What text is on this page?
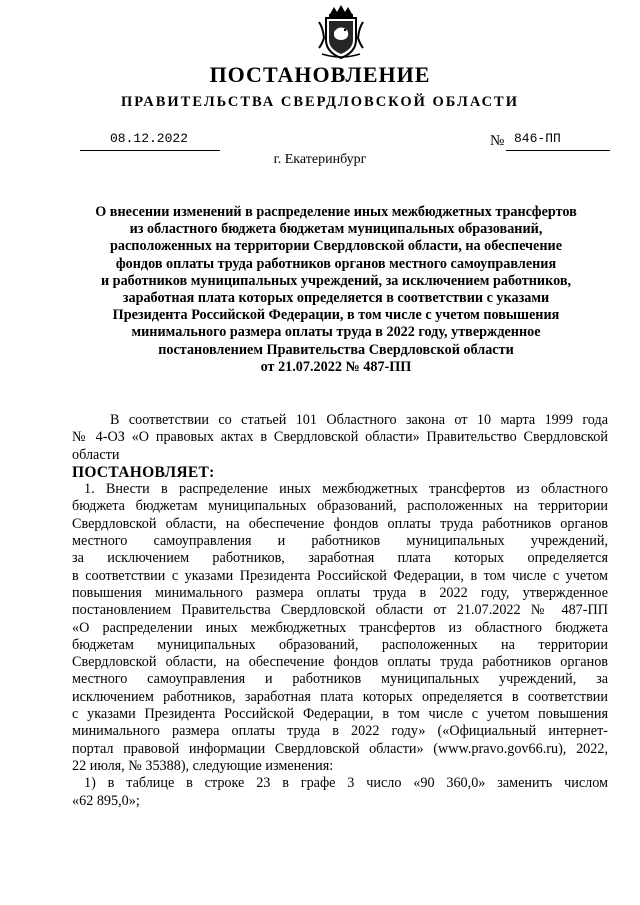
ПОСТАНОВЛЕНИЕ
ПРАВИТЕЛЬСТВА СВЕРДЛОВСКОЙ ОБЛАСТИ
08.12.2022	№ 846-ПП
г. Екатеринбург
О внесении изменений в распределение иных межбюджетных трансфертов
из областного бюджета бюджетам муниципальных образований,
расположенных на территории Свердловской области, на обеспечение
фондов оплаты труда работников органов местного самоуправления
и работников муниципальных учреждений, за исключением работников,
заработная плата которых определяется в соответствии с указами
Президента Российской Федерации, в том числе с учетом повышения
минимального размера оплаты труда в 2022 году, утвержденное
постановлением Правительства Свердловской области
от 21.07.2022 № 487-ПП
В соответствии со статьей 101 Областного закона от 10 марта 1999 года
№ 4-ОЗ «О правовых актах в Свердловской области» Правительство Свердловской
области
ПОСТАНОВЛЯЕТ:
1. Внести в распределение иных межбюджетных трансфертов из областного
бюджета бюджетам муниципальных образований, расположенных на территории
Свердловской области, на обеспечение фондов оплаты труда работников органов
местного самоуправления и работников муниципальных учреждений,
за исключением работников, заработная плата которых определяется
в соответствии с указами Президента Российской Федерации, в том числе с учетом
повышения минимального размера оплаты труда в 2022 году, утвержденное
постановлением Правительства Свердловской области от 21.07.2022 № 487-ПП
«О распределении иных межбюджетных трансфертов из областного бюджета
бюджетам муниципальных образований, расположенных на территории
Свердловской области, на обеспечение фондов оплаты труда работников органов
местного самоуправления и работников муниципальных учреждений, за
исключением работников, заработная плата которых определяется в соответствии
с указами Президента Российской Федерации, в том числе с учетом повышения
минимального размера оплаты труда в 2022 году» («Официальный интернет-
портал правовой информации Свердловской области» (www.pravo.gov66.ru), 2022,
22 июля, № 35388), следующие изменения:
1) в таблице в строке 23 в графе 3 число «90 360,0» заменить числом
«62 895,0»;
